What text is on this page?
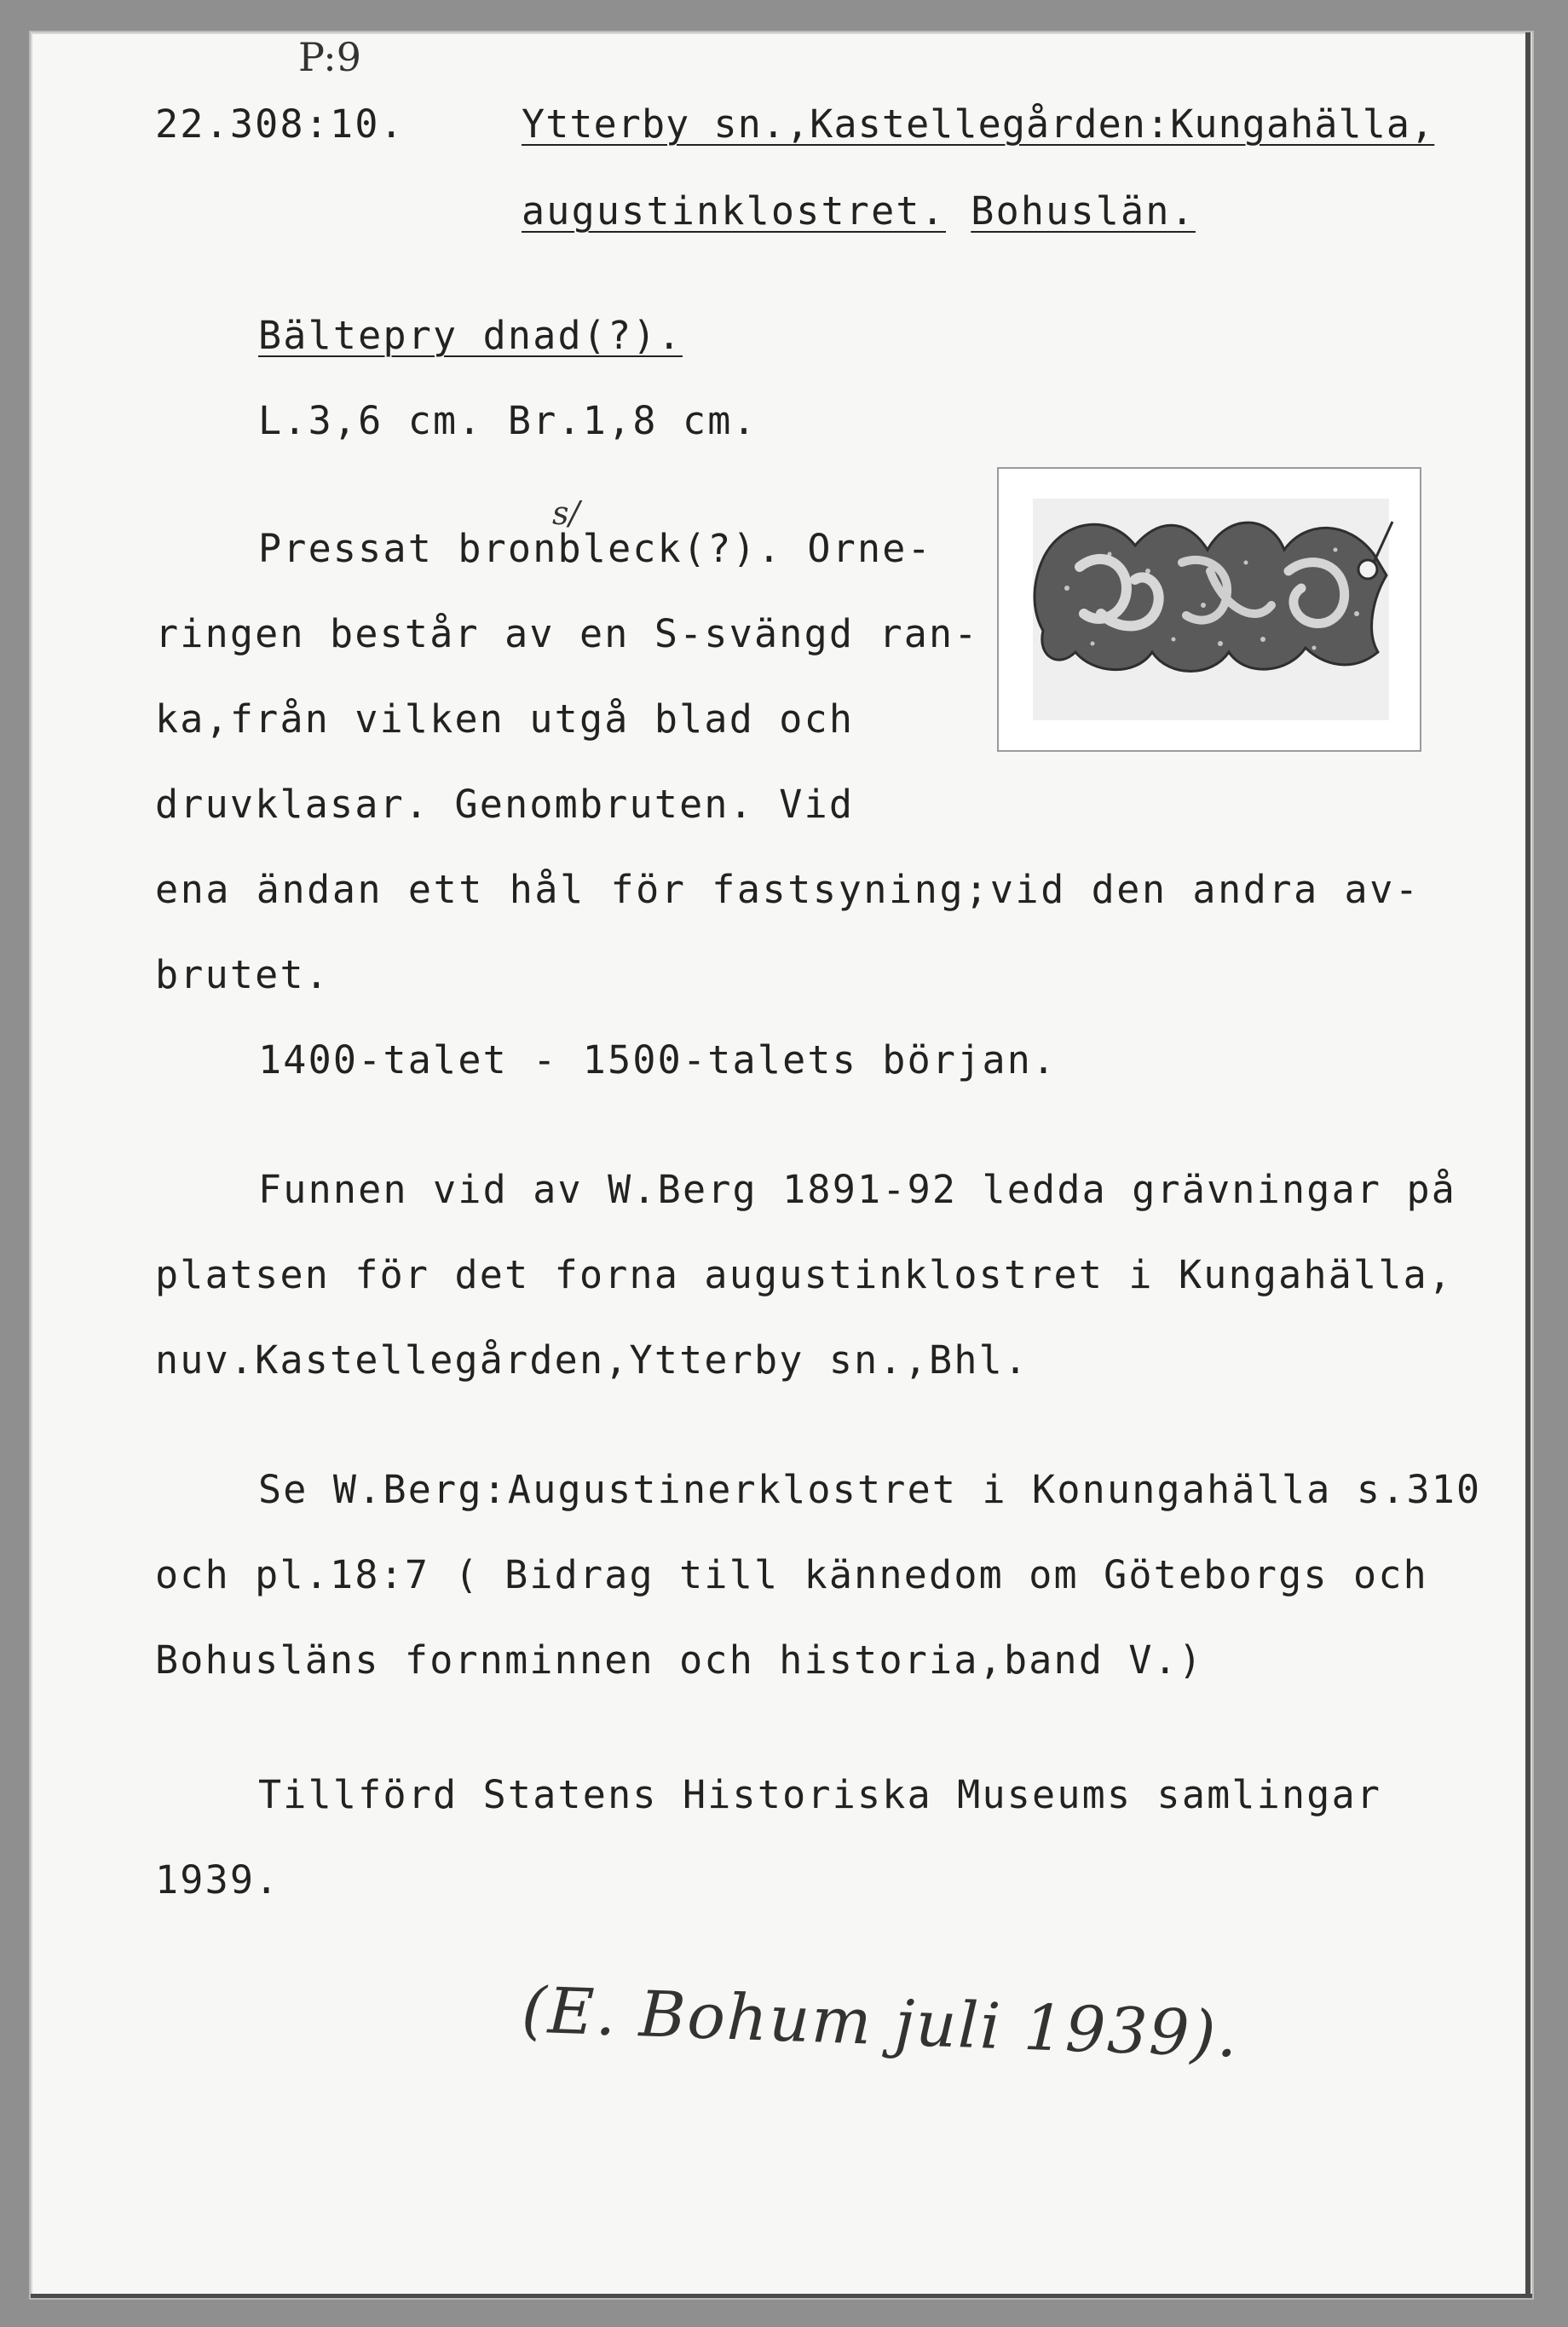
P:9

22.308:10.	Ytterby sn.,Kastellegården:Kungahälla,

augustinklostret. Bohuslän.

Bältepry dnad(?).

L.3,6 cm. Br.1,8 cm.

s/

Pressat bronbleck(?). Orne-

ringen består av en S-svängd ran-

ka,från vilken utgå blad och

druvklasar. Genombruten. Vid

ena ändan ett hål för fastsyning;vid den andra av-

brutet.

1400-talet - 1500-talets början.

Funnen vid av W.Berg 1891-92 ledda grävningar på

platsen för det forna augustinklostret i Kungahälla,

nuv.Kastellegården,Ytterby sn.,Bhl.

Se W.Berg:Augustinerklostret i Konungahälla s.310

och pl.18:7 ( Bidrag till kännedom om Göteborgs och

Bohusläns fornminnen och historia,band V.)

Tillförd Statens Historiska Museums samlingar

1939.

(E. Bohum juli 1939).
